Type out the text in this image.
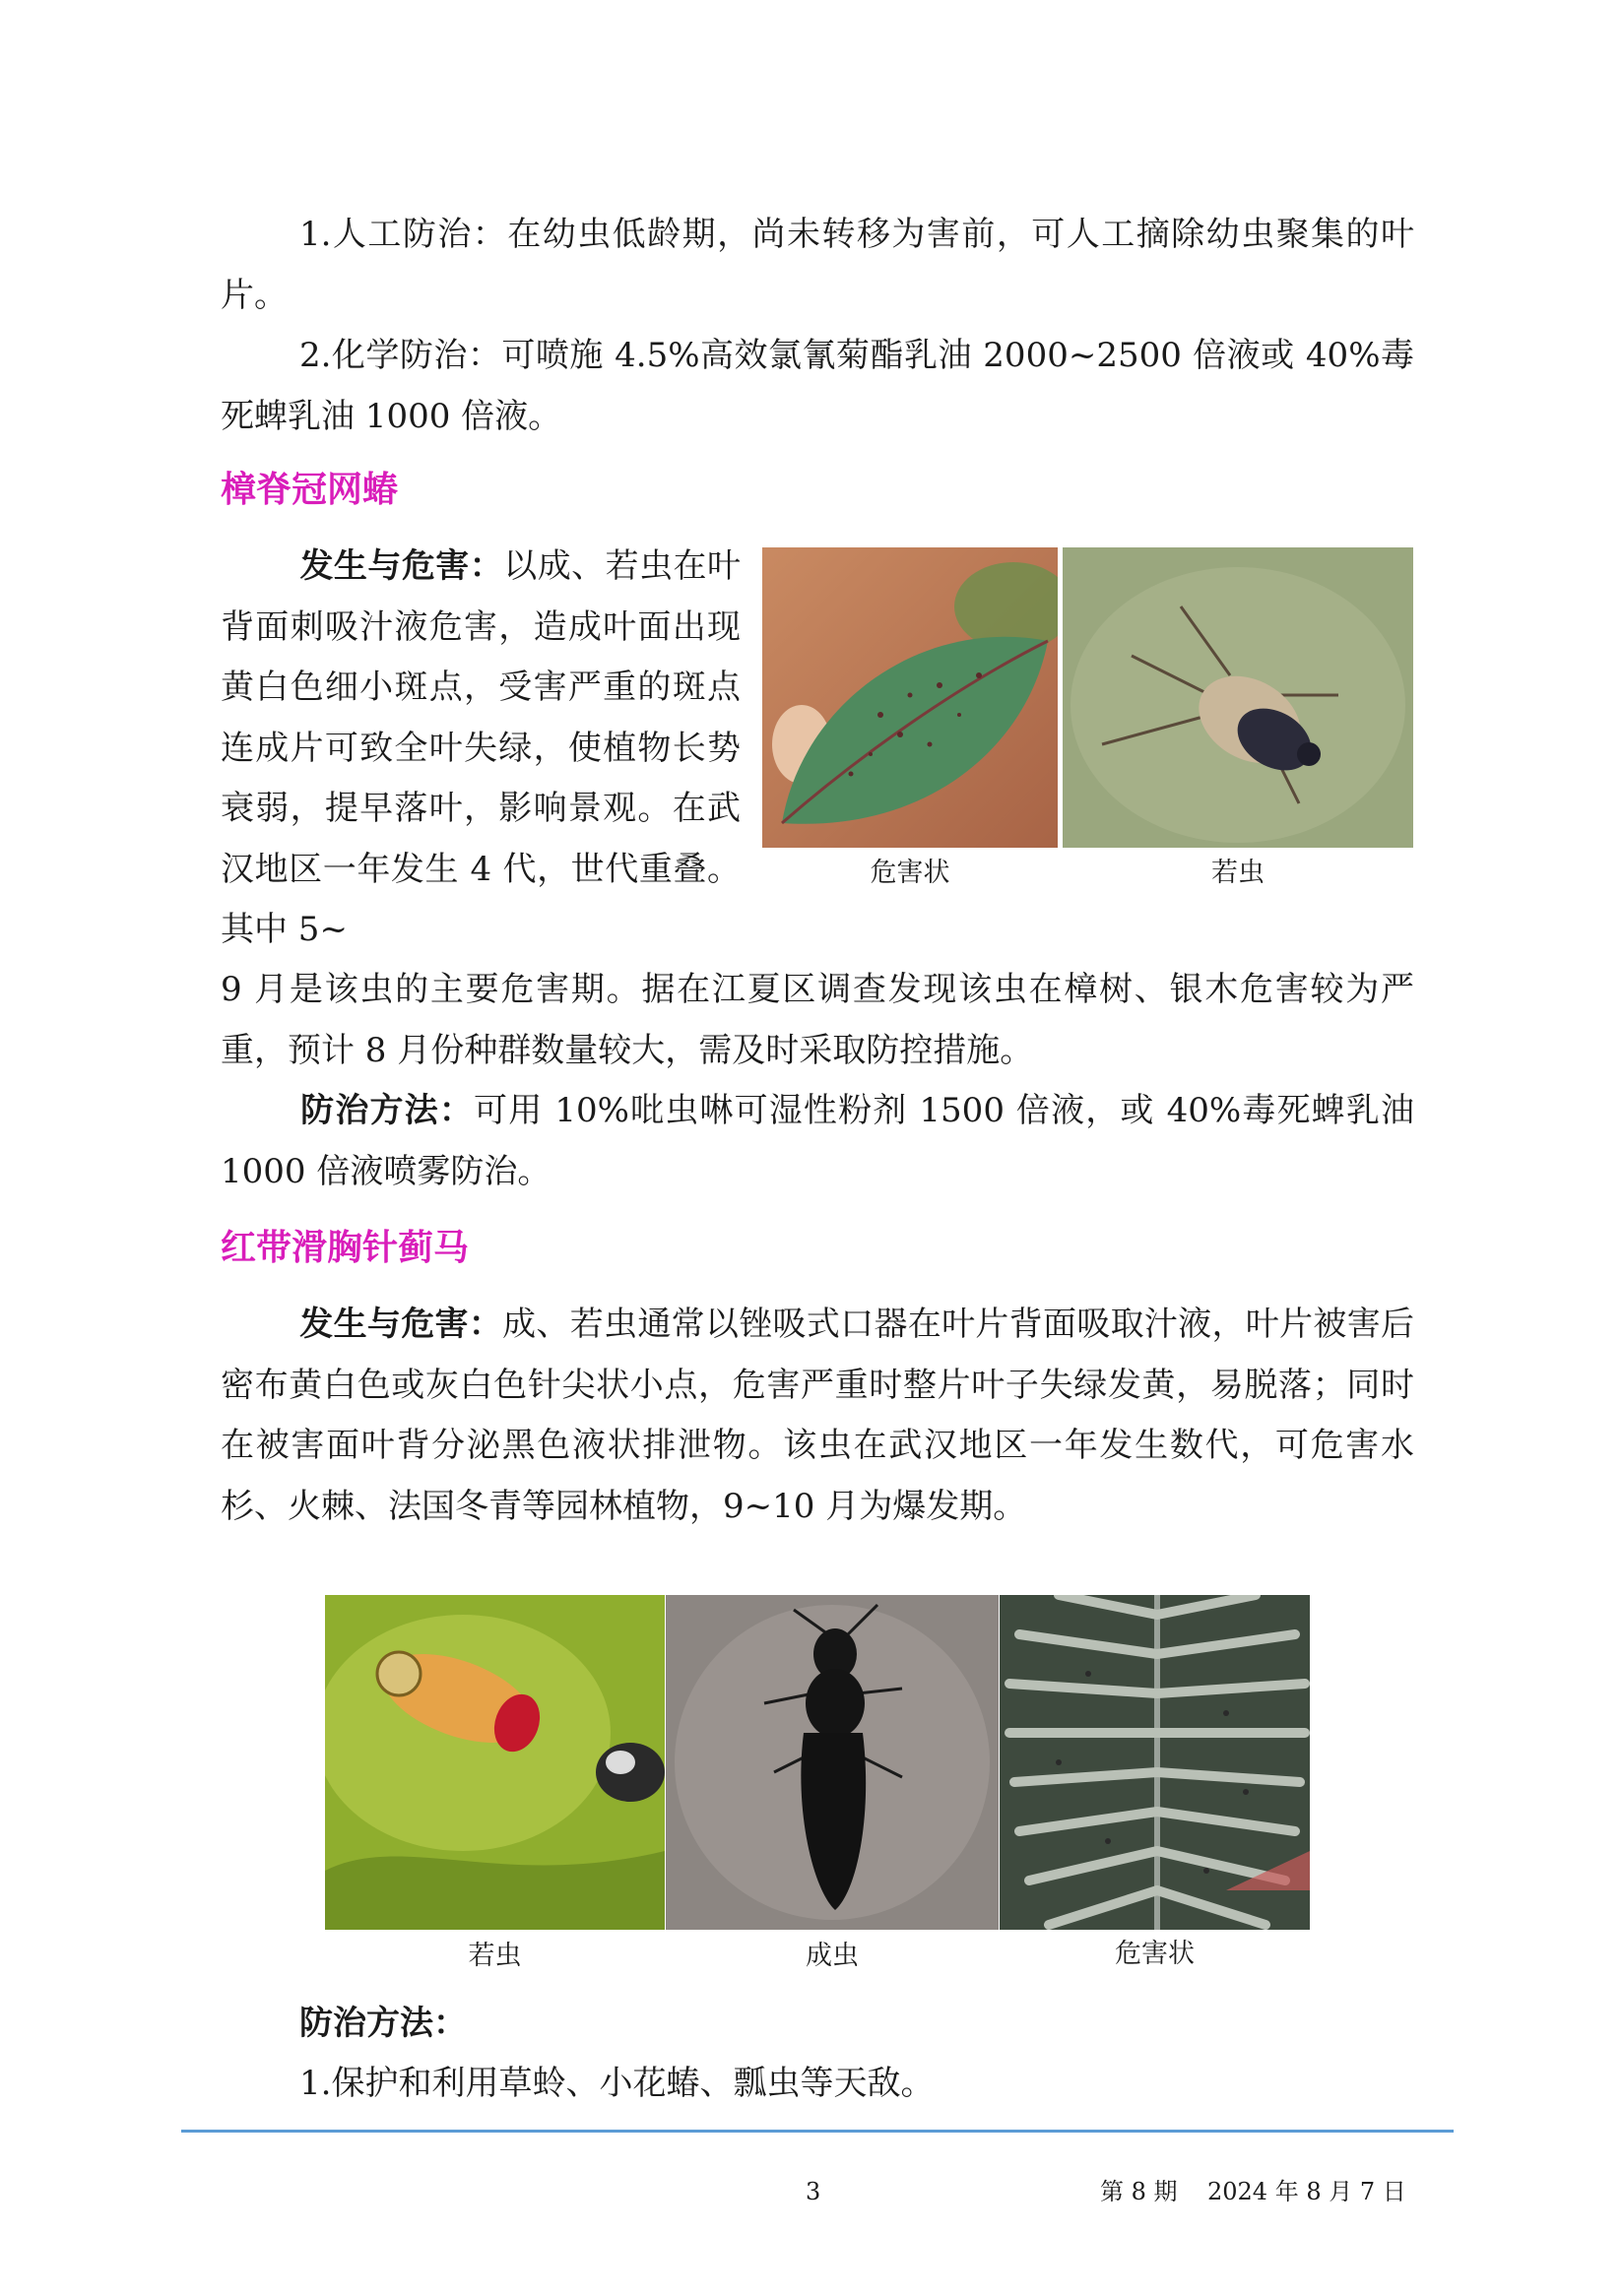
1.人工防治：在幼虫低龄期，尚未转移为害前，可人工摘除幼虫聚集的叶片。

2.化学防治：可喷施 4.5%高效氯氰菊酯乳油 2000~2500 倍液或 40%毒死蜱乳油 1000 倍液。

樟脊冠网蝽

发生与危害：以成、若虫在叶背面刺吸汁液危害，造成叶面出现黄白色细小斑点，受害严重的斑点连成片可致全叶失绿，使植物长势衰弱，提早落叶，影响景观。在武汉地区一年发生 4 代，世代重叠。其中 5~

危害状	若虫

9 月是该虫的主要危害期。据在江夏区调查发现该虫在樟树、银木危害较为严重，预计 8 月份种群数量较大，需及时采取防控措施。

防治方法：可用 10%吡虫啉可湿性粉剂 1500 倍液，或 40%毒死蜱乳油 1000 倍液喷雾防治。

红带滑胸针蓟马

发生与危害：成、若虫通常以锉吸式口器在叶片背面吸取汁液，叶片被害后密布黄白色或灰白色针尖状小点，危害严重时整片叶子失绿发黄，易脱落；同时在被害面叶背分泌黑色液状排泄物。该虫在武汉地区一年发生数代，可危害水杉、火棘、法国冬青等园林植物，9~10 月为爆发期。

若虫	成虫	危害状

防治方法：

1.保护和利用草蛉、小花蝽、瓢虫等天敌。

3	第 8 期 2024 年 8 月 7 日
